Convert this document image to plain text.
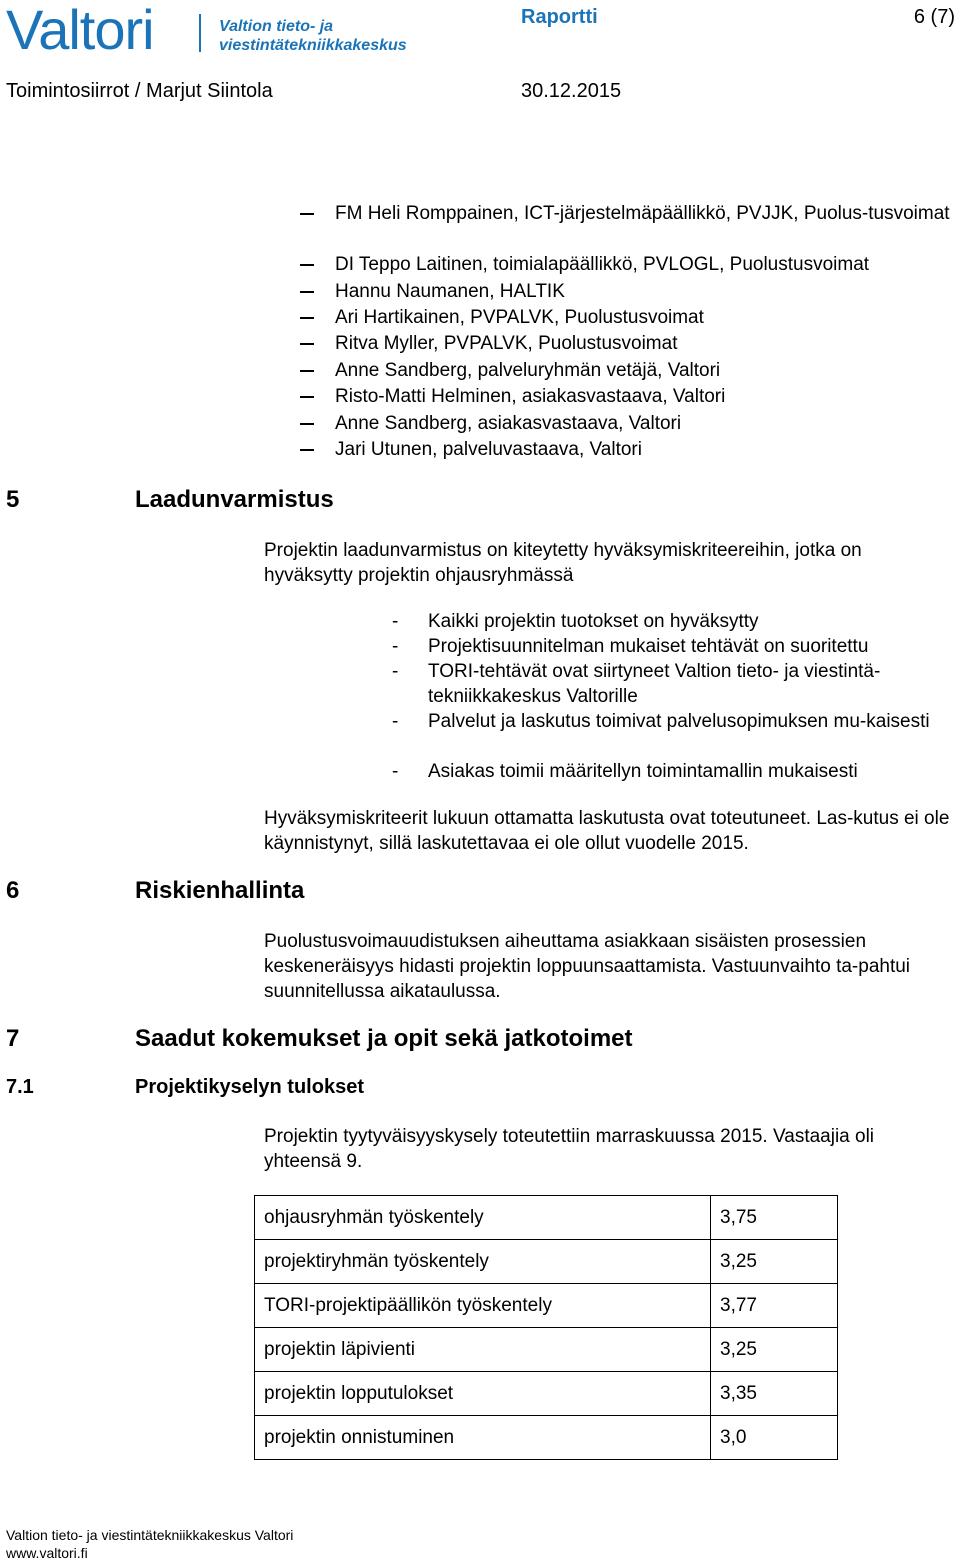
Valtori	Valtion tieto- ja
viestintätekniikkakeskus
Raportti	6 (7)
Toimintosiirrot / Marjut Siintola	30.12.2015
FM Heli Romppainen, ICT-järjestelmäpäällikkö, PVJJK, Puolus-tusvoimat
DI Teppo Laitinen, toimialapäällikkö, PVLOGL, Puolustusvoimat
Hannu Naumanen, HALTIK
Ari Hartikainen, PVPALVK, Puolustusvoimat
Ritva Myller, PVPALVK, Puolustusvoimat
Anne Sandberg, palveluryhmän vetäjä, Valtori
Risto-Matti Helminen, asiakasvastaava, Valtori
Anne Sandberg, asiakasvastaava, Valtori
Jari Utunen, palveluvastaava, Valtori
5	Laadunvarmistus
Projektin laadunvarmistus on kiteytetty hyväksymiskriteereihin, jotka on hyväksytty projektin ohjausryhmässä
- Kaikki projektin tuotokset on hyväksytty
- Projektisuunnitelman mukaiset tehtävät on suoritettu
- TORI-tehtävät ovat siirtyneet Valtion tieto- ja viestintä-tekniikkakeskus Valtorille
- Palvelut ja laskutus toimivat palvelusopimuksen mu-kaisesti
- Asiakas toimii määritellyn toimintamallin mukaisesti
Hyväksymiskriteerit lukuun ottamatta laskutusta ovat toteutuneet. Las-kutus ei ole käynnistynyt, sillä laskutettavaa ei ole ollut vuodelle 2015.
6	Riskienhallinta
Puolustusvoimauudistuksen aiheuttama asiakkaan sisäisten prosessien keskeneräisyys hidasti projektin loppuunsaattamista. Vastuunvaihto ta-pahtui suunnitellussa aikataulussa.
7	Saadut kokemukset ja opit sekä jatkotoimet
7.1	Projektikyselyn tulokset
Projektin tyytyväisyyskysely toteutettiin marraskuussa 2015. Vastaajia oli yhteensä 9.
ohjausryhmän työskentely	3,75
projektiryhmän työskentely	3,25
TORI-projektipäällikön työskentely	3,77
projektin läpivienti	3,25
projektin lopputulokset	3,35
projektin onnistuminen	3,0
Valtion tieto- ja viestintätekniikkakeskus Valtori
www.valtori.fi
